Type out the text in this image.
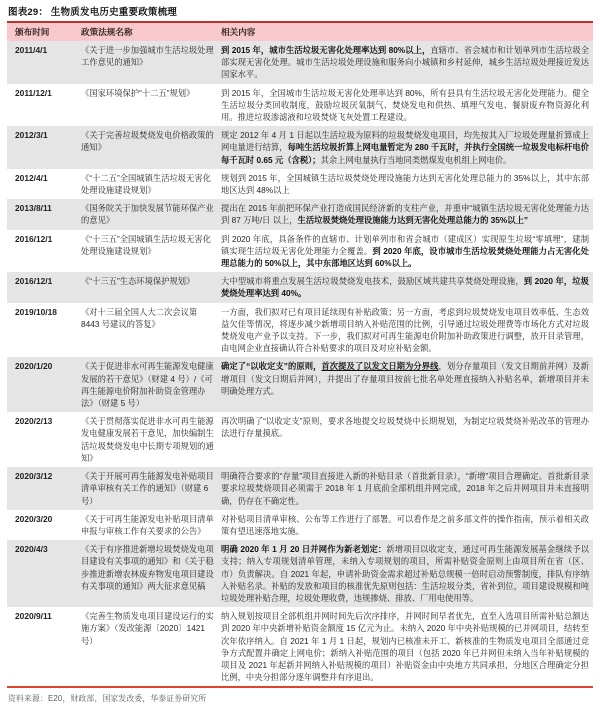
图表29： 生物质发电历史重要政策梳理
颁布时间	政策法规名称	相关内容
2011/4/1	《关于进一步加强城市生活垃圾处理工作意见的通知》	到 2015 年，城市生活垃圾无害化处理率达到 80%以上，直辖市、省会城市和计划单列市生活垃圾全部实现无害化处理。城市生活垃圾处理设施和服务向小城镇和乡村延伸，城乡生活垃圾处理接近发达国家水平。
2011/12/1	《国家环境保护“十二五”规划》	到 2015 年，全国城市生活垃圾无害化处理率达到 80%，所有县具有生活垃圾无害化处理能力。健全生活垃圾分类回收制度，鼓励垃圾厌氧制气、焚烧发电和供热、填埋气发电、餐厨废弃物资源化利用。推进垃圾渗滤液和垃圾焚烧飞灰处置工程建设。
2012/3/1	《关于完善垃圾焚烧发电价格政策的通知》	规定 2012 年 4 月 1 日起以生活垃圾为原料的垃圾焚烧发电项目，均先按其入厂垃圾处理量折算成上网电量进行结算，每吨生活垃圾折算上网电量暂定为 280 千瓦时，并执行全国统一垃圾发电标杆电价每千瓦时 0.65 元（含税）；其余上网电量执行当地同类燃煤发电机组上网电价。
2012/4/1	《“十二五”全国城镇生活垃圾无害化处理设施建设规划》	规划到 2015 年，全国城镇生活垃圾焚烧处理设施能力达到无害化处理总能力的 35%以上，其中东部地区达到 48%以上
2013/8/11	《国务院关于加快发展节能环保产业的意见》	提出在 2015 年前把环保产业打造成国民经济新的支柱产业，并重申“城镇生活垃圾无害化处理能力达到 87 万吨/日 以上，生活垃圾焚烧处理设施能力达到无害化处理总能力的 35%以上”
2016/12/1	《“十三五”全国城镇生活垃圾无害化处理设施建设规划》	到 2020 年底，具备条件的直辖市、计划单列市和省会城市（建成区）实现原生垃圾“零填埋”，建制镇实现生活垃圾无害化处理能力全覆盖。到 2020 年底，设市城市生活垃圾焚烧处理能力占无害化处理总能力的 50%以上，其中东部地区达到 60%以上。
2016/12/1	《“十三五”生态环境保护规划》	大中型城市将重点发展生活垃圾焚烧发电技术，鼓励区域共建共享焚烧处理设施，到 2020 年，垃圾焚烧处理率达到 40%。
2019/10/18	《对十三届全国人大二次会议第 8443 号建议的答复》	一方面，我们拟对已有项目延续现有补贴政策；另一方面，考虑到垃圾焚烧发电项目效率低、生态效益欠佳等情况，将逐步减少新增项目纳入补贴范围的比例，引导通过垃圾处理费等市场化方式对垃圾焚烧发电产业予以支持。下一步，我们拟对可再生能源电价附加补助政策进行调整，放开目录管理，由电网企业直接确认符合补贴要求的项目及对应补贴金额。
2020/1/20	《关于促进非水可再生能源发电健康发展的若干意见》（财建 4 号）/《可再生能源电价附加补助资金管理办法》（财建 5 号）	确定了“以收定支”的原则，首次提及了以发文日期为分界线，划分存量项目（发文日期前并网）及新增项目（发文日期后并网），并提出了存量项目按前七批名单处理直接纳入补贴名单，新增项目并未明确处理方式。
2020/2/13	《关于贯彻落实促进非水可再生能源发电健康发展若干意见，加快编制生活垃圾焚烧发电中长期专项规划的通知》	再次明确了“以收定支”原则，要求各地提交垃圾焚烧中长期规划，为制定垃圾焚烧补贴改革的管理办法进行存量摸底。
2020/3/12	《关于开展可再生能源发电补贴项目清单审核有关工作的通知》（财建 6 号）	明确符合要求的“存量”项目直接进入新的补贴目录（首批新目录），“新增”项目合理确定。首批新目录要求垃圾焚烧项目必须需于 2018 年 1 月底前全部机组并网完成，2018 年之后并网项目并未直接明确，仍存在不确定性。
2020/3/20	《关于可再生能源发电补贴项目清单申报与审核工作有关要求的公告》	对补贴项目清单审核、公布等工作进行了部署。可以看作是之前多部文件的操作指南，预示着相关政策有望迅速落地实施。
2020/4/3	《关于有序推进新增垃圾焚烧发电项目建设有关事项的通知》和《关于稳步推进新增农林废弃物发电项目建设有关事项的通知》两大征求意见稿	明确 2020 年 1 月 20 日并网作为新老划定：新增项目以收定支，通过可再生能源发展基金继续予以支持；纳入专项规划清单管理，未纳入专项规划的项目，所需补贴资金原则上由项目所在省（区、市）负责解决。自 2021 年起，申请补助资金需求超过补贴总规模一倍时启动预警制度，排队有序纳入补贴名录。补贴的发放和项目的核准优先原则包括：生活垃圾分类，省补到位，项目建设规模和吨垃圾处理补贴合理，垃圾处理收费，违规掺烧、排放、厂用电使用等。
2020/9/11	《完善生物质发电项目建设运行的实施方案》（发改能源〔2020〕1421 号）	纳入规划按项目全部机组并网时间先后次序排序，并网时间早者优先，直至入选项目所需补贴总额达到 2020 年中央新增补贴资金额度 15 亿元为止。未纳入 2020 年中央补贴规模的已并网项目，结转至次年依序纳入。自 2021 年 1 月 1 日起，规划内已核准未开工、新核准的生物质发电项目全部通过竞争方式配置并确定上网电价；新纳入补贴范围的项目（包括 2020 年已并网但未纳入当年补贴规模的项目及 2021 年起新并网纳入补贴规模的项目）补贴资金由中央地方共同承担，分地区合理确定分担比例，中央分担部分逐年调整并有序退出。
资料来源：E20，财政部，国家发改委，华泰证券研究所
